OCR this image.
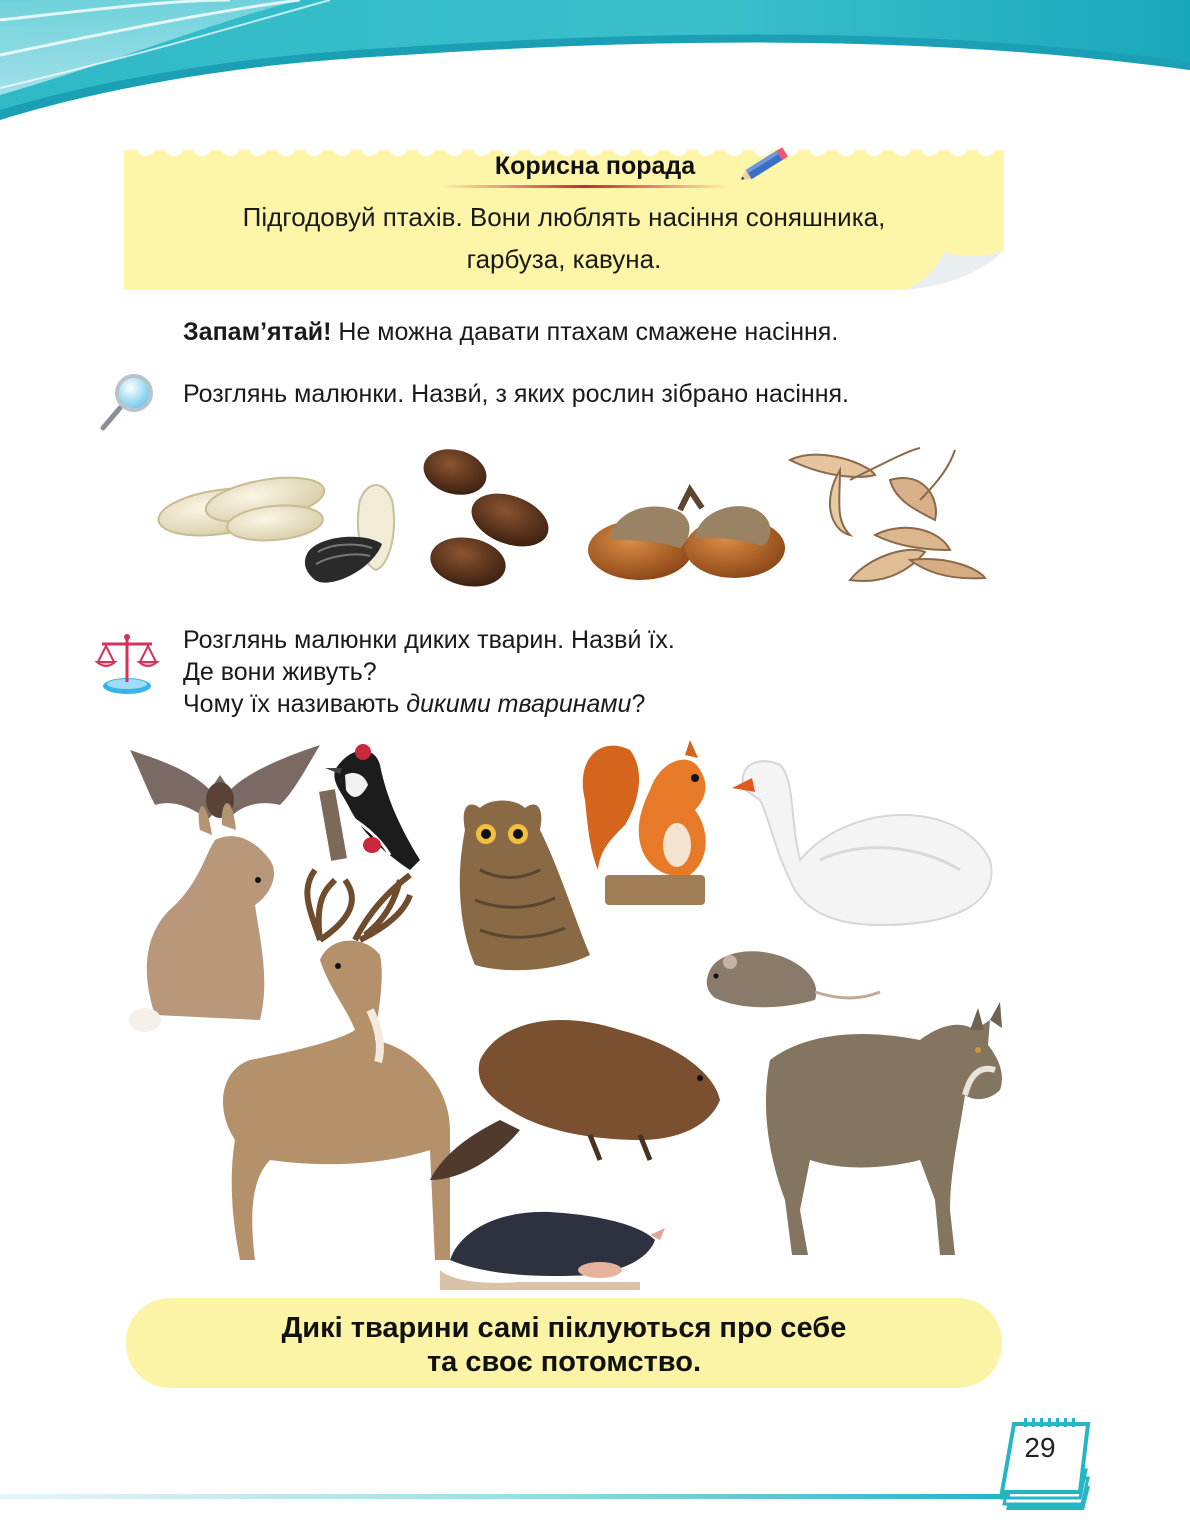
Корисна порада
Підгодовуй птахів. Вони люблять насіння соняшника,
гарбуза, кавуна.
Запам’ятай! Не можна давати птахам смажене насіння.
Розглянь малюнки. Назви́, з яких рослин зібрано насіння.
Розглянь малюнки диких тварин. Назви́ їх.
Де вони живуть?
Чому їх називають дикими тваринами?
Дикі тварини самі піклуються про себе
та своє потомство.
29
